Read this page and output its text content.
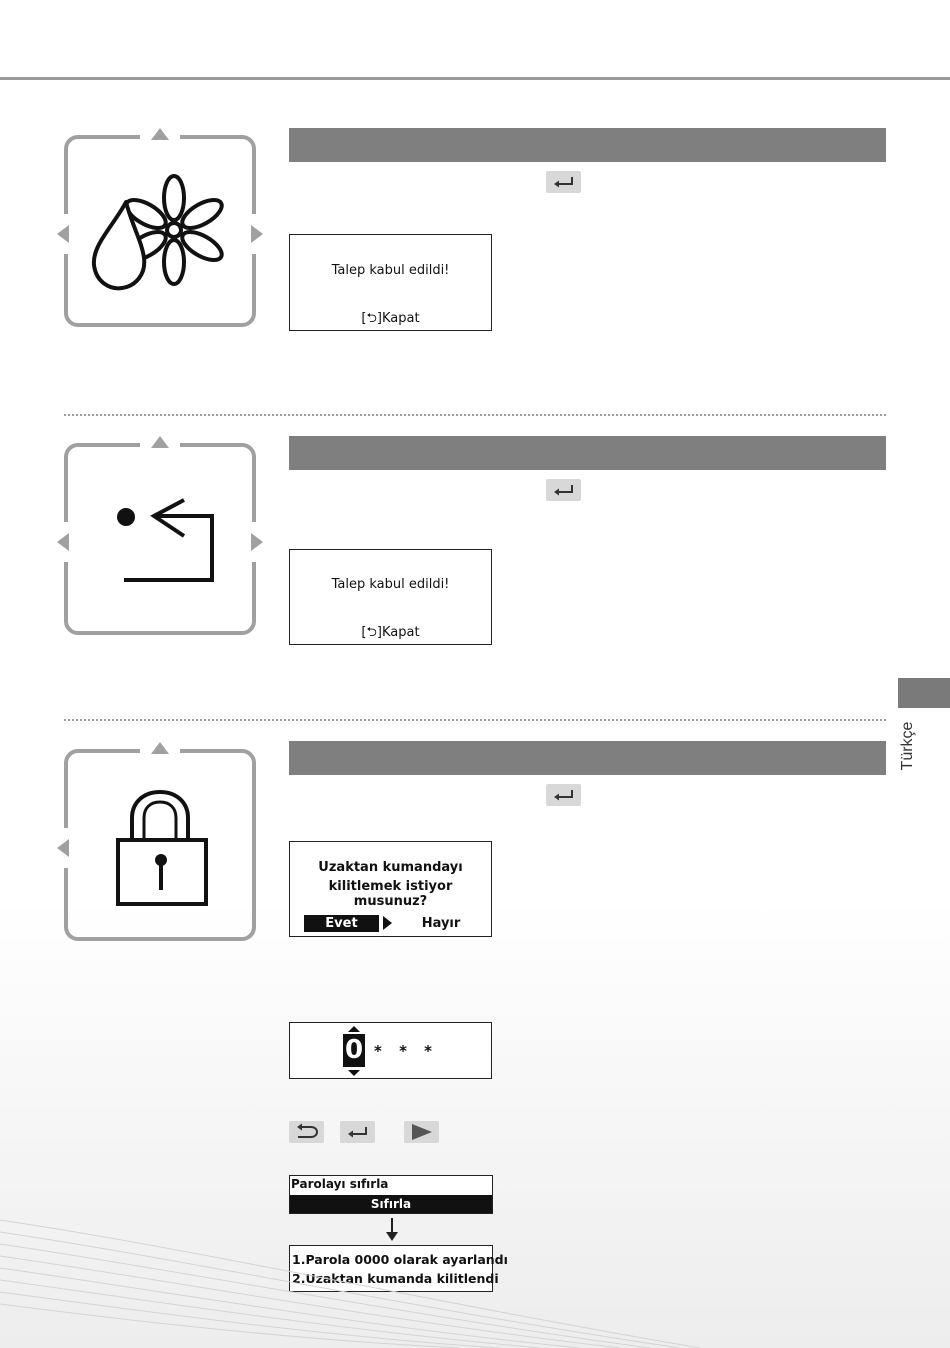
Talep kabul edildi!
[⮌]Kapat
Talep kabul edildi!
[⮌]Kapat
Türkçe
Uzaktan kumandayı
kilitlemek istiyor musunuz?
Evet	Hayır
0 * * *
Parolayı sıfırla
Sıfırla
1.Parola 0000 olarak ayarlandı
2.Uzaktan kumanda kilitlendi
